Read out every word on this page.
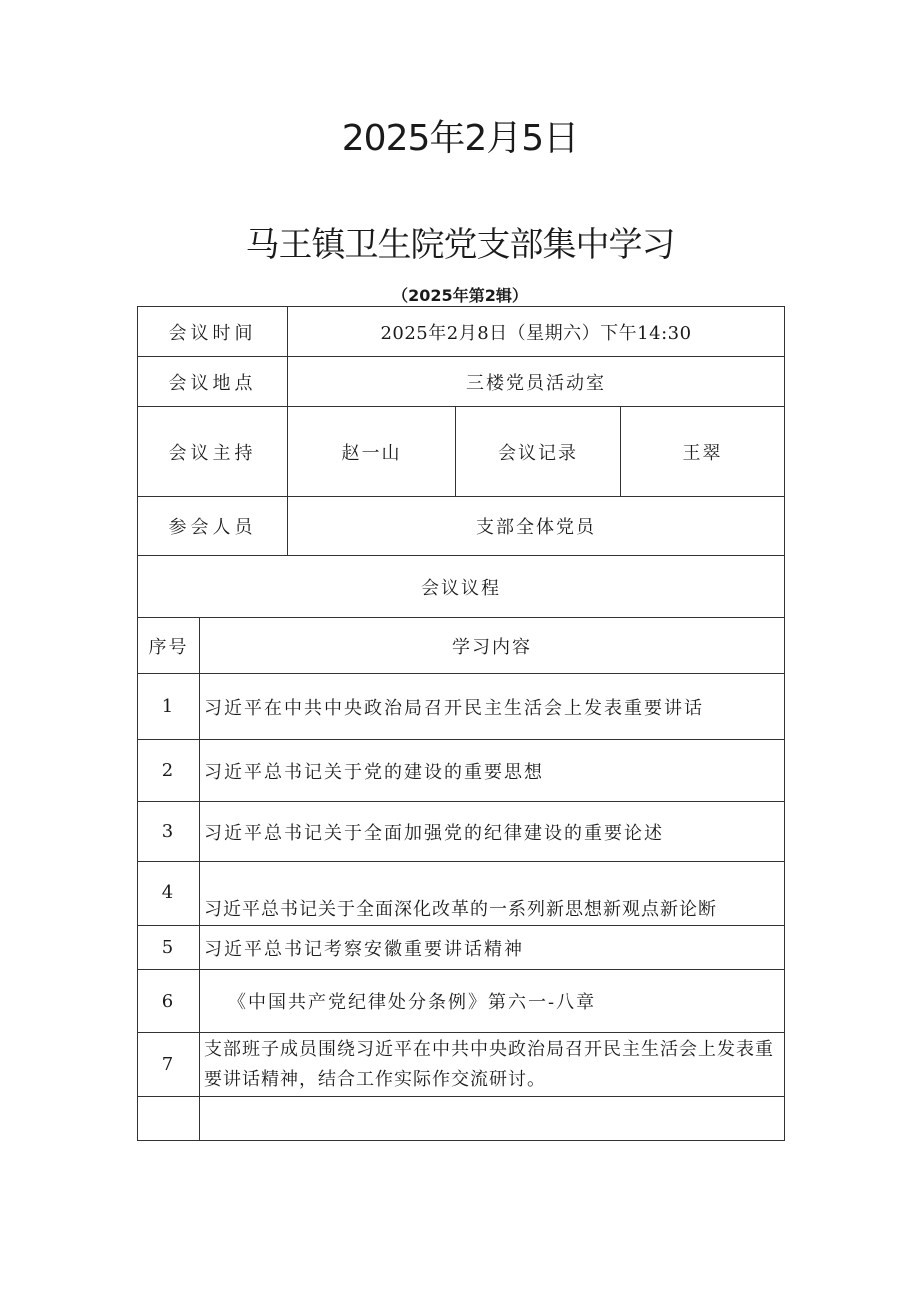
2025年2月5日
马王镇卫生院党支部集中学习
（2025年第2辑）
会议时间		2025年2月8日（星期六）下午14:30		
会议地点		三楼党员活动室		
会议主持		赵一山	会议记录	王翠
参会人员		支部全体党员		
会议议程				
序号	学习内容			
1	习近平在中共中央政治局召开民主生活会上发表重要讲话			
2	习近平总书记关于党的建设的重要思想			
3	习近平总书记关于全面加强党的纪律建设的重要论述			
4	习近平总书记关于全面深化改革的一系列新思想新观点新论断			
5	习近平总书记考察安徽重要讲话精神			
6	《中国共产党纪律处分条例》第六一-八章			
7	支部班子成员围绕习近平在中共中央政治局召开民主生活会上发表重要讲话精神，结合工作实际作交流研讨。			
